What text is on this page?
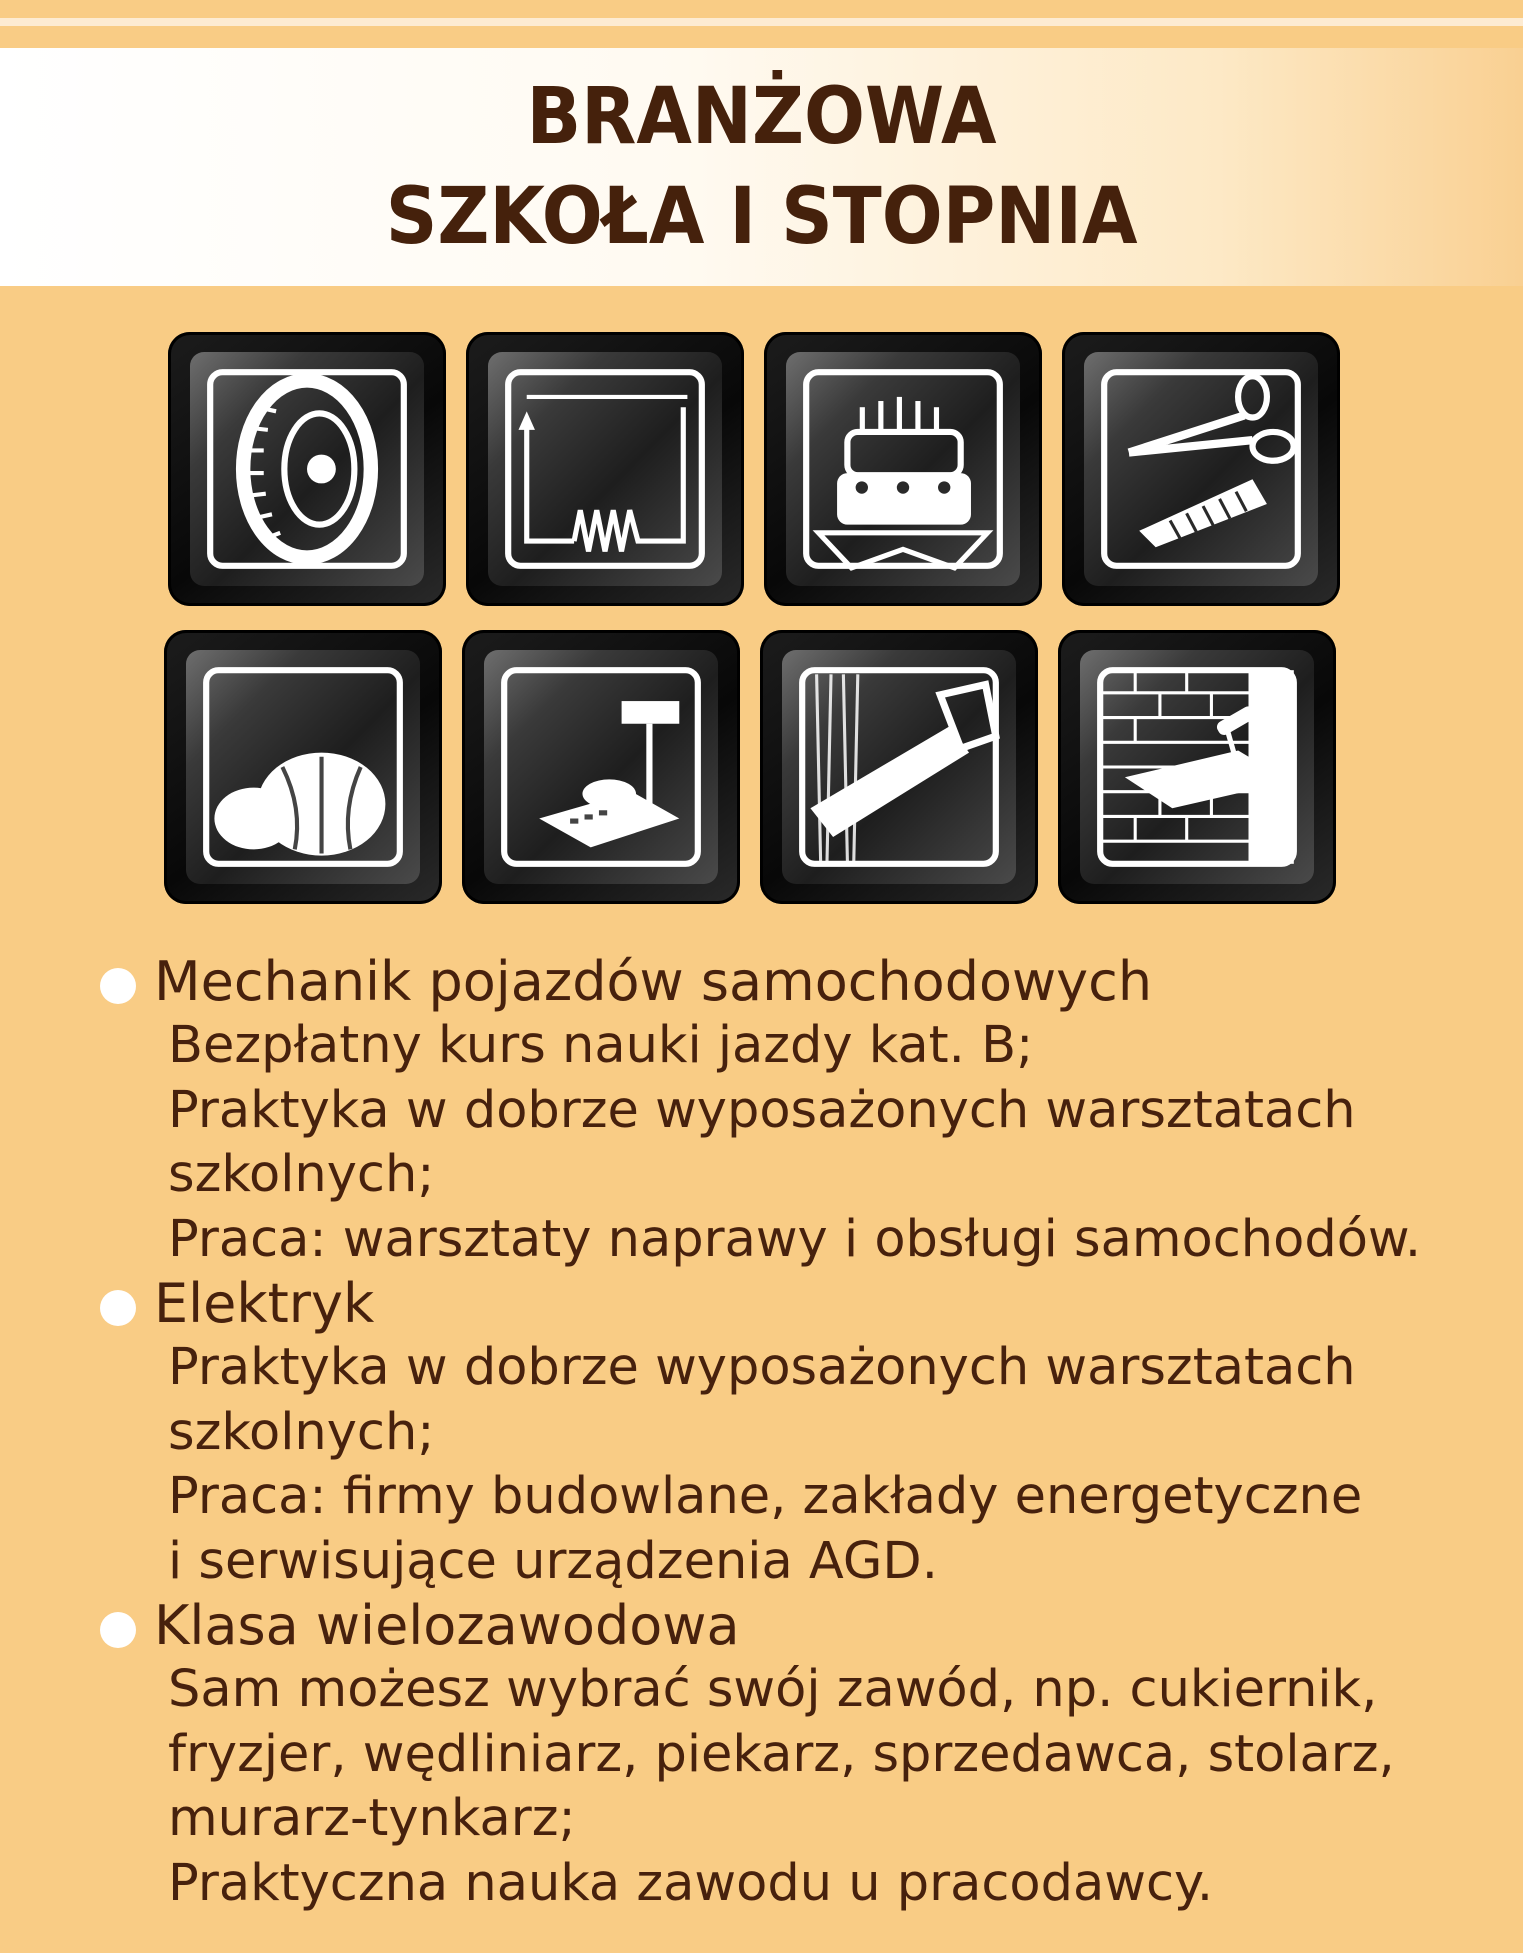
BRANŻOWA
SZKOŁA I STOPNIA
Mechanik pojazdów samochodowych
Bezpłatny kurs nauki jazdy kat. B;
Praktyka w dobrze wyposażonych warsztatach
szkolnych;
Praca: warsztaty naprawy i obsługi samochodów.
Elektryk
Praktyka w dobrze wyposażonych warsztatach
szkolnych;
Praca: firmy budowlane, zakłady energetyczne
i serwisujące urządzenia AGD.
Klasa wielozawodowa
Sam możesz wybrać swój zawód, np. cukiernik,
fryzjer, wędliniarz, piekarz, sprzedawca, stolarz,
murarz-tynkarz;
Praktyczna nauka zawodu u pracodawcy.
